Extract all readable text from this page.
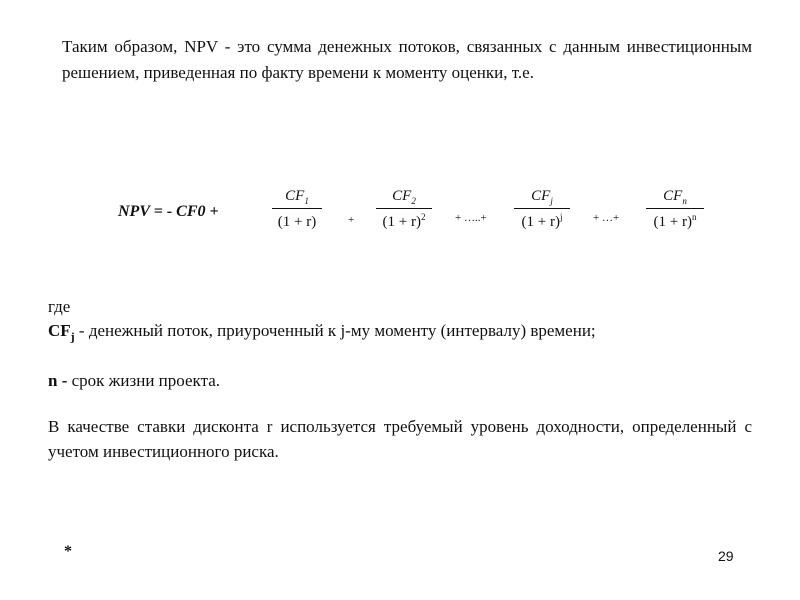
Таким образом, NPV - это сумма денежных потоков, связанных с данным инвестиционным решением, приведенная по факту времени к моменту оценки, т.е.

NPV = - CF0 +	$\frac{CF_1}{(1 + r)} + \frac{CF_2}{(1 + r)^2}$ + …..+
$CF_j$
$(1 + r)^j$	+ …+
$CF_n$
$(1 + r)^n$

где

$CF_j$ - денежный поток, приуроченный к j-му моменту (интервалу) времени;

n - срок жизни проекта.

В качестве ставки дисконта r используется требуемый уровень доходности, определенный с учетом инвестиционного риска.

*	29
